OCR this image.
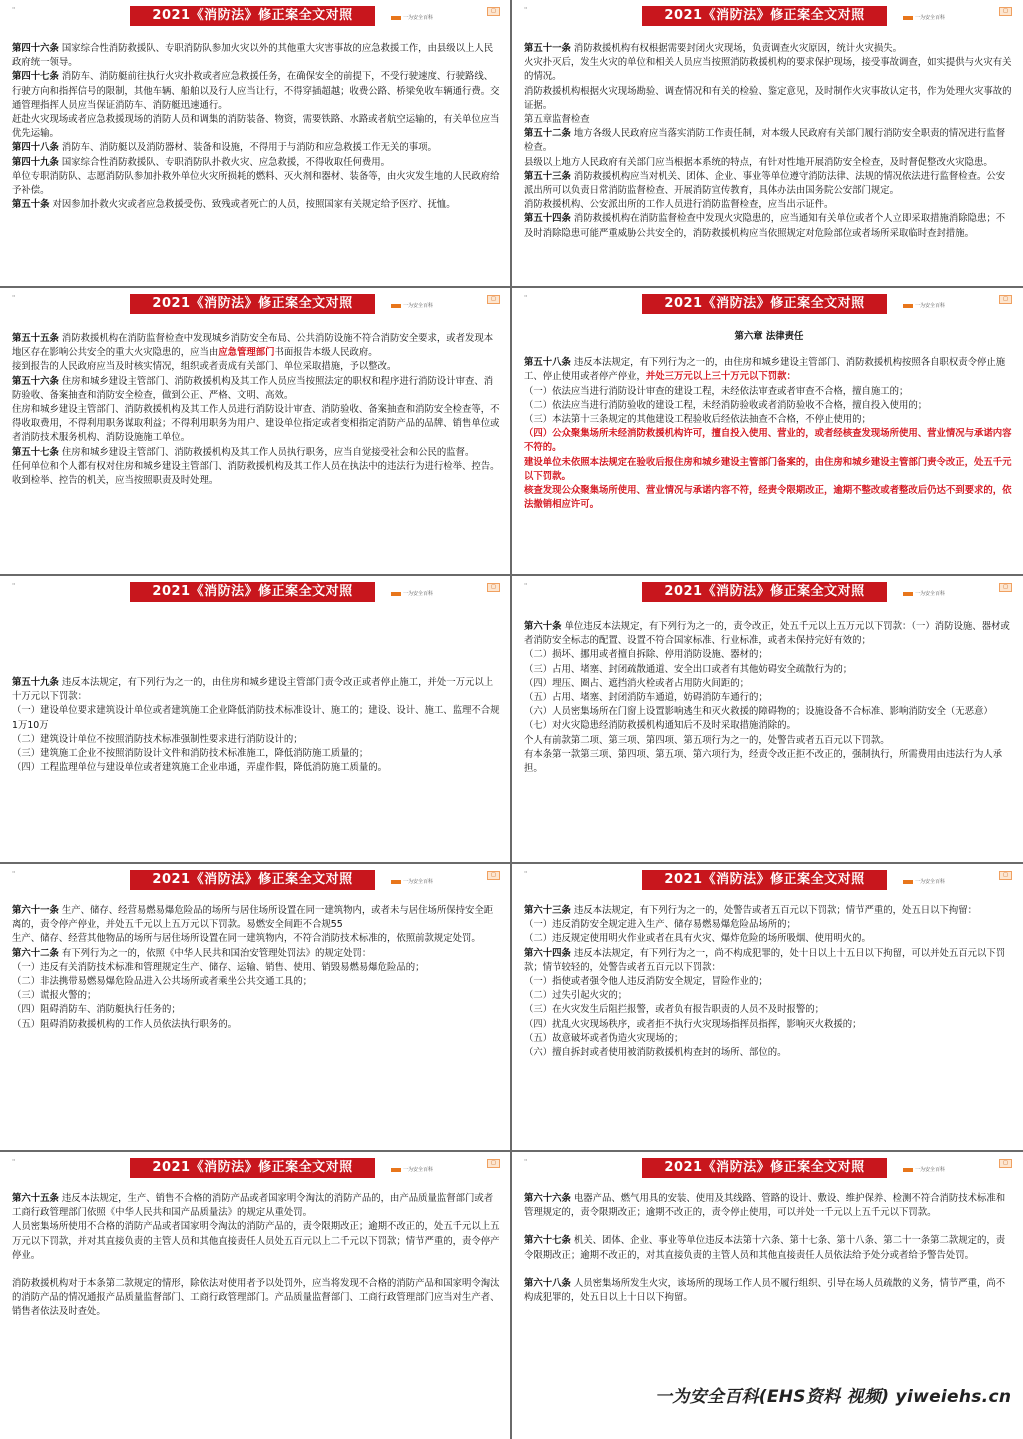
"	2021《消防法》修正案全文对照	一为安全百科
□

第四十六条 国家综合性消防救援队、专职消防队参加火灾以外的其他重大灾害事故的应急救援工作，由县级以上人民政府统一领导。

第四十七条 消防车、消防艇前往执行火灾扑救或者应急救援任务，在确保安全的前提下，不受行驶速度、行驶路线、行驶方向和指挥信号的限制，其他车辆、船舶以及行人应当让行，不得穿插超越；收费公路、桥梁免收车辆通行费。交通管理指挥人员应当保证消防车、消防艇迅速通行。

赶赴火灾现场或者应急救援现场的消防人员和调集的消防装备、物资，需要铁路、水路或者航空运输的，有关单位应当优先运输。

第四十八条 消防车、消防艇以及消防器材、装备和设施，不得用于与消防和应急救援工作无关的事项。

第四十九条 国家综合性消防救援队、专职消防队扑救火灾、应急救援，不得收取任何费用。

单位专职消防队、志愿消防队参加扑救外单位火灾所损耗的燃料、灭火剂和器材、装备等，由火灾发生地的人民政府给予补偿。

第五十条 对因参加扑救火灾或者应急救援受伤、致残或者死亡的人员，按照国家有关规定给予医疗、抚恤。

"	2021《消防法》修正案全文对照	一为安全百科
□

第五十一条 消防救援机构有权根据需要封闭火灾现场，负责调查火灾原因，统计火灾损失。

火灾扑灭后，发生火灾的单位和相关人员应当按照消防救援机构的要求保护现场，接受事故调查，如实提供与火灾有关的情况。

消防救援机构根据火灾现场勘验、调查情况和有关的检验、鉴定意见，及时制作火灾事故认定书，作为处理火灾事故的证据。

第五章监督检查

第五十二条 地方各级人民政府应当落实消防工作责任制，对本级人民政府有关部门履行消防安全职责的情况进行监督检查。

县级以上地方人民政府有关部门应当根据本系统的特点，有针对性地开展消防安全检查，及时督促整改火灾隐患。

第五十三条 消防救援机构应当对机关、团体、企业、事业等单位遵守消防法律、法规的情况依法进行监督检查。公安派出所可以负责日常消防监督检查、开展消防宣传教育，具体办法由国务院公安部门规定。

消防救援机构、公安派出所的工作人员进行消防监督检查，应当出示证件。

第五十四条 消防救援机构在消防监督检查中发现火灾隐患的，应当通知有关单位或者个人立即采取措施消除隐患；不及时消除隐患可能严重威胁公共安全的，消防救援机构应当依照规定对危险部位或者场所采取临时查封措施。

"	2021《消防法》修正案全文对照	一为安全百科
□

第五十五条 消防救援机构在消防监督检查中发现城乡消防安全布局、公共消防设施不符合消防安全要求，或者发现本地区存在影响公共安全的重大火灾隐患的，应当由应急管理部门书面报告本级人民政府。

接到报告的人民政府应当及时核实情况，组织或者责成有关部门、单位采取措施，予以整改。

第五十六条 住房和城乡建设主管部门、消防救援机构及其工作人员应当按照法定的职权和程序进行消防设计审查、消防验收、备案抽查和消防安全检查，做到公正、严格、文明、高效。

住房和城乡建设主管部门、消防救援机构及其工作人员进行消防设计审查、消防验收、备案抽查和消防安全检查等，不得收取费用，不得利用职务谋取利益；不得利用职务为用户、建设单位指定或者变相指定消防产品的品牌、销售单位或者消防技术服务机构、消防设施施工单位。

第五十七条 住房和城乡建设主管部门、消防救援机构及其工作人员执行职务，应当自觉接受社会和公民的监督。

任何单位和个人都有权对住房和城乡建设主管部门、消防救援机构及其工作人员在执法中的违法行为进行检举、控告。收到检举、控告的机关，应当按照职责及时处理。

"	2021《消防法》修正案全文对照	一为安全百科
□

第六章 法律责任

第五十八条 违反本法规定，有下列行为之一的，由住房和城乡建设主管部门、消防救援机构按照各自职权责令停止施工、停止使用或者停产停业，并处三万元以上三十万元以下罚款：

（一）依法应当进行消防设计审查的建设工程，未经依法审查或者审查不合格，擅自施工的；

（二）依法应当进行消防验收的建设工程，未经消防验收或者消防验收不合格，擅自投入使用的；

（三）本法第十三条规定的其他建设工程验收后经依法抽查不合格，不停止使用的；

（四）公众聚集场所未经消防救援机构许可，擅自投入使用、营业的，或者经核查发现场所使用、营业情况与承诺内容不符的。

建设单位未依照本法规定在验收后报住房和城乡建设主管部门备案的，由住房和城乡建设主管部门责令改正，处五千元以下罚款。

核查发现公众聚集场所使用、营业情况与承诺内容不符，经责令限期改正，逾期不整改或者整改后仍达不到要求的，依法撤销相应许可。

"	2021《消防法》修正案全文对照	一为安全百科
□

第五十九条 违反本法规定，有下列行为之一的，由住房和城乡建设主管部门责令改正或者停止施工，并处一万元以上十万元以下罚款：

（一）建设单位要求建筑设计单位或者建筑施工企业降低消防技术标准设计、施工的；建设、设计、施工、监理不合规1万10万

（二）建筑设计单位不按照消防技术标准强制性要求进行消防设计的；

（三）建筑施工企业不按照消防设计文件和消防技术标准施工，降低消防施工质量的；

（四）工程监理单位与建设单位或者建筑施工企业串通，弄虚作假，降低消防施工质量的。

"	2021《消防法》修正案全文对照	一为安全百科
□

第六十条 单位违反本法规定，有下列行为之一的，责令改正，处五千元以上五万元以下罚款：（一）消防设施、器材或者消防安全标志的配置、设置不符合国家标准、行业标准，或者未保持完好有效的；

（二）损坏、挪用或者擅自拆除、停用消防设施、器材的；

（三）占用、堵塞、封闭疏散通道、安全出口或者有其他妨碍安全疏散行为的；

（四）埋压、圈占、遮挡消火栓或者占用防火间距的；

（五）占用、堵塞、封闭消防车通道，妨碍消防车通行的；

（六）人员密集场所在门窗上设置影响逃生和灭火救援的障碍物的；设施设备不合标准、影响消防安全（无恶意）

（七）对火灾隐患经消防救援机构通知后不及时采取措施消除的。

个人有前款第二项、第三项、第四项、第五项行为之一的，处警告或者五百元以下罚款。

有本条第一款第三项、第四项、第五项、第六项行为，经责令改正拒不改正的，强制执行，所需费用由违法行为人承担。

"	2021《消防法》修正案全文对照	一为安全百科
□

第六十一条 生产、储存、经营易燃易爆危险品的场所与居住场所设置在同一建筑物内，或者未与居住场所保持安全距离的，责令停产停业，并处五千元以上五万元以下罚款。易燃安全间距不合规55

生产、储存、经营其他物品的场所与居住场所设置在同一建筑物内，不符合消防技术标准的，依照前款规定处罚。

第六十二条 有下列行为之一的，依照《中华人民共和国治安管理处罚法》的规定处罚：

（一）违反有关消防技术标准和管理规定生产、储存、运输、销售、使用、销毁易燃易爆危险品的；

（二）非法携带易燃易爆危险品进入公共场所或者乘坐公共交通工具的；

（三）谎报火警的；

（四）阻碍消防车、消防艇执行任务的；

（五）阻碍消防救援机构的工作人员依法执行职务的。

"	2021《消防法》修正案全文对照	一为安全百科
□

第六十三条 违反本法规定，有下列行为之一的，处警告或者五百元以下罚款；情节严重的，处五日以下拘留：

（一）违反消防安全规定进入生产、储存易燃易爆危险品场所的；

（二）违反规定使用明火作业或者在具有火灾、爆炸危险的场所吸烟、使用明火的。

第六十四条 违反本法规定，有下列行为之一，尚不构成犯罪的，处十日以上十五日以下拘留，可以并处五百元以下罚款；情节较轻的，处警告或者五百元以下罚款：

（一）指使或者强令他人违反消防安全规定，冒险作业的；

（二）过失引起火灾的；

（三）在火灾发生后阻拦报警，或者负有报告职责的人员不及时报警的；

（四）扰乱火灾现场秩序，或者拒不执行火灾现场指挥员指挥，影响灭火救援的；

（五）故意破坏或者伪造火灾现场的；

（六）擅自拆封或者使用被消防救援机构查封的场所、部位的。

"	2021《消防法》修正案全文对照	一为安全百科
□

第六十五条 违反本法规定，生产、销售不合格的消防产品或者国家明令淘汰的消防产品的，由产品质量监督部门或者工商行政管理部门依照《中华人民共和国产品质量法》的规定从重处罚。

人员密集场所使用不合格的消防产品或者国家明令淘汰的消防产品的，责令限期改正；逾期不改正的，处五千元以上五万元以下罚款，并对其直接负责的主管人员和其他直接责任人员处五百元以上二千元以下罚款；情节严重的，责令停产停业。

消防救援机构对于本条第二款规定的情形，除依法对使用者予以处罚外，应当将发现不合格的消防产品和国家明令淘汰的消防产品的情况通报产品质量监督部门、工商行政管理部门。产品质量监督部门、工商行政管理部门应当对生产者、销售者依法及时查处。

"	2021《消防法》修正案全文对照	一为安全百科
□

第六十六条 电器产品、燃气用具的安装、使用及其线路、管路的设计、敷设、维护保养、检测不符合消防技术标准和管理规定的，责令限期改正；逾期不改正的，责令停止使用，可以并处一千元以上五千元以下罚款。

第六十七条 机关、团体、企业、事业等单位违反本法第十六条、第十七条、第十八条、第二十一条第二款规定的，责令限期改正；逾期不改正的，对其直接负责的主管人员和其他直接责任人员依法给予处分或者给予警告处罚。

第六十八条 人员密集场所发生火灾，该场所的现场工作人员不履行组织、引导在场人员疏散的义务，情节严重，尚不构成犯罪的，处五日以上十日以下拘留。

一为安全百科(EHS资料 视频) yiweiehs.cn
